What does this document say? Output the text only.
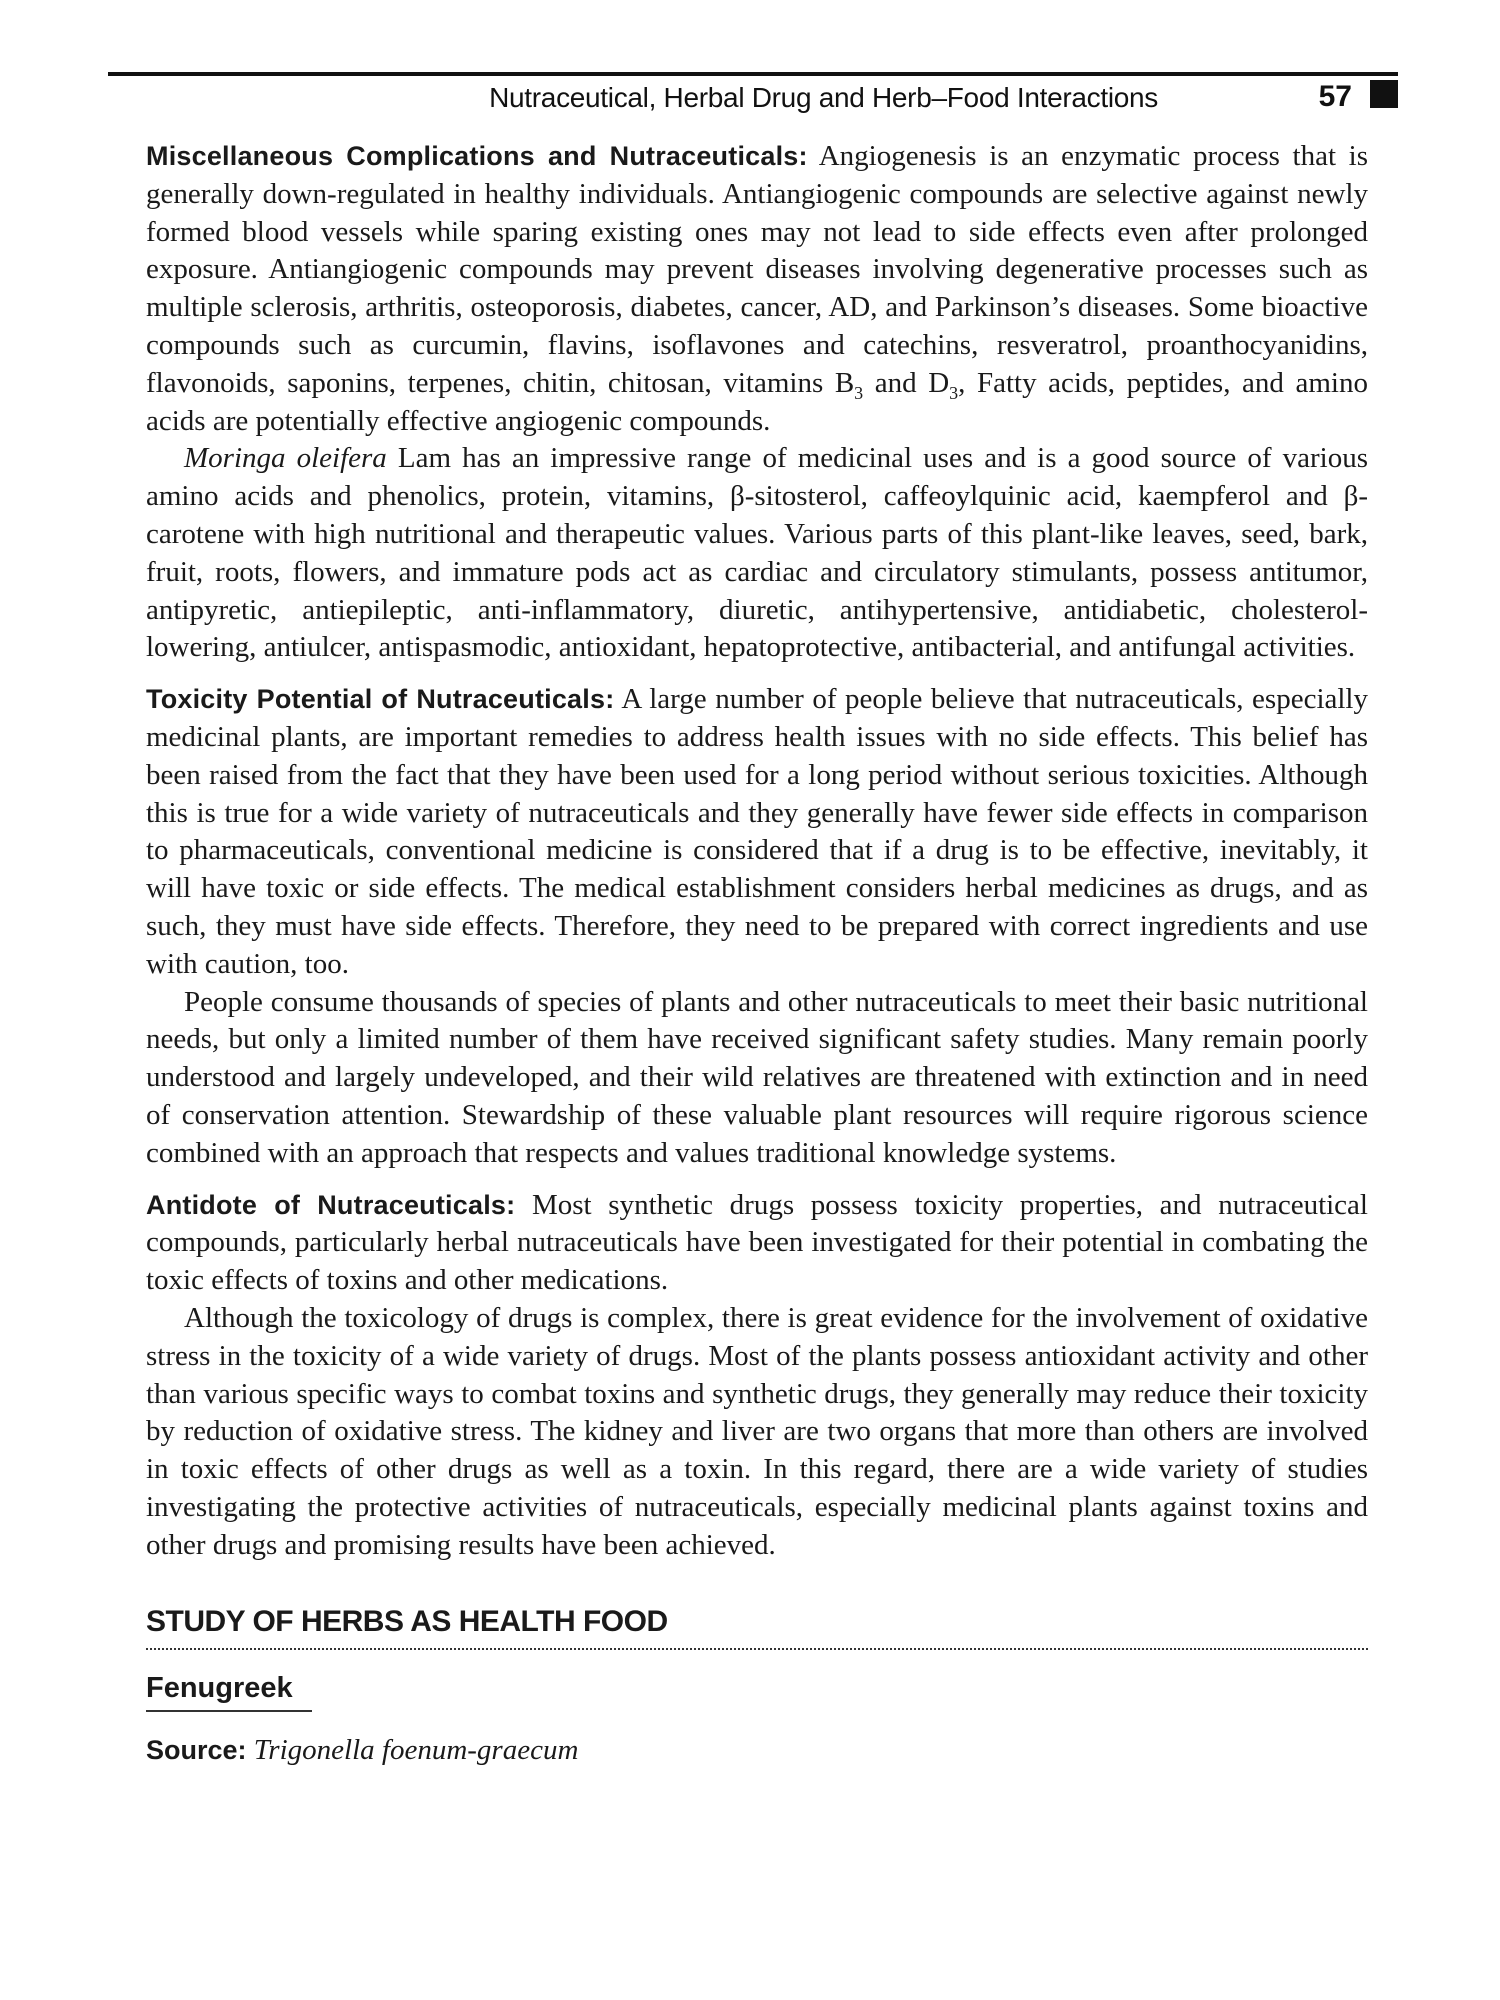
Nutraceutical, Herbal Drug and Herb–Food Interactions	57

Miscellaneous Complications and Nutraceuticals: Angiogenesis is an enzymatic process that is generally down-regulated in healthy individuals. Antiangiogenic compounds are selective against newly formed blood vessels while sparing existing ones may not lead to side effects even after prolonged exposure. Antiangiogenic compounds may prevent diseases involving degenerative processes such as multiple sclerosis, arthritis, osteoporosis, diabetes, cancer, AD, and Parkinson’s diseases. Some bioactive compounds such as curcumin, flavins, isoflavones and catechins, resveratrol, proanthocyanidins, flavonoids, saponins, terpenes, chitin, chitosan, vitamins $B_3$ and $D_3$, Fatty acids, peptides, and amino acids are potentially effective angiogenic compounds.

Moringa oleifera Lam has an impressive range of medicinal uses and is a good source of various amino acids and phenolics, protein, vitamins, β-sitosterol, caffeoylquinic acid, kaempferol and β-carotene with high nutritional and therapeutic values. Various parts of this plant-like leaves, seed, bark, fruit, roots, flowers, and immature pods act as cardiac and circulatory stimulants, possess antitumor, antipyretic, antiepileptic, anti-inflammatory, diuretic, antihypertensive, antidiabetic, cholesterol-lowering, antiulcer, antispasmodic, antioxidant, hepatoprotective, antibacterial, and antifungal activities.

Toxicity Potential of Nutraceuticals: A large number of people believe that nutraceuticals, especially medicinal plants, are important remedies to address health issues with no side effects. This belief has been raised from the fact that they have been used for a long period without serious toxicities. Although this is true for a wide variety of nutraceuticals and they generally have fewer side effects in comparison to pharmaceuticals, conventional medicine is considered that if a drug is to be effective, inevitably, it will have toxic or side effects. The medical establishment considers herbal medicines as drugs, and as such, they must have side effects. Therefore, they need to be prepared with correct ingredients and use with caution, too.

People consume thousands of species of plants and other nutraceuticals to meet their basic nutritional needs, but only a limited number of them have received significant safety studies. Many remain poorly understood and largely undeveloped, and their wild relatives are threatened with extinction and in need of conservation attention. Stewardship of these valuable plant resources will require rigorous science combined with an approach that respects and values traditional knowledge systems.

Antidote of Nutraceuticals: Most synthetic drugs possess toxicity properties, and nutraceutical compounds, particularly herbal nutraceuticals have been investigated for their potential in combating the toxic effects of toxins and other medications.

Although the toxicology of drugs is complex, there is great evidence for the involvement of oxidative stress in the toxicity of a wide variety of drugs. Most of the plants possess antioxidant activity and other than various specific ways to combat toxins and synthetic drugs, they generally may reduce their toxicity by reduction of oxidative stress. The kidney and liver are two organs that more than others are involved in toxic effects of other drugs as well as a toxin. In this regard, there are a wide variety of studies investigating the protective activities of nutraceuticals, especially medicinal plants against toxins and other drugs and promising results have been achieved.

STUDY OF HERBS AS HEALTH FOOD
Fenugreek
Source: Trigonella foenum-graecum
